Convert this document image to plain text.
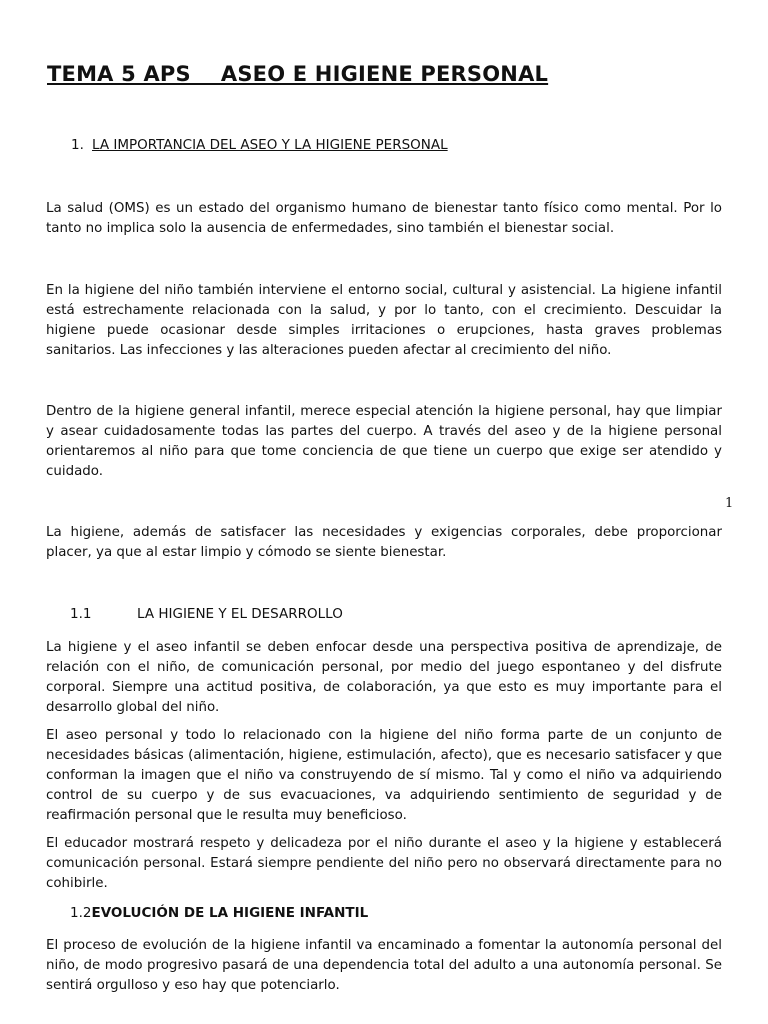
TEMA 5 APS    ASEO E HIGIENE PERSONAL
1. LA IMPORTANCIA DEL ASEO Y LA HIGIENE PERSONAL

La salud (OMS) es un estado del organismo humano de bienestar tanto físico como mental. Por lo tanto no implica solo la ausencia de enfermedades, sino también el bienestar social.

En la higiene del niño también interviene el entorno social, cultural y asistencial. La higiene infantil está estrechamente relacionada con la salud, y por lo tanto, con el crecimiento. Descuidar la higiene puede ocasionar desde simples irritaciones o erupciones, hasta graves problemas sanitarios. Las infecciones y las alteraciones pueden afectar al crecimiento del niño.

Dentro de la higiene general infantil, merece especial atención la higiene personal, hay que limpiar y asear cuidadosamente todas las partes del cuerpo. A través del aseo y de la higiene personal orientaremos al niño para que tome conciencia de que tiene un cuerpo que exige ser atendido y cuidado.

1

La higiene, además de satisfacer las necesidades y exigencias corporales, debe proporcionar placer, ya que al estar limpio y cómodo se siente bienestar.

1.1	LA HIGIENE Y EL DESARROLLO

La higiene y el aseo infantil se deben enfocar desde una perspectiva positiva de aprendizaje, de relación con el niño, de comunicación personal, por medio del juego espontaneo y del disfrute corporal. Siempre una actitud positiva, de colaboración, ya que esto es muy importante para el desarrollo global del niño.

El aseo personal y todo lo relacionado con la higiene del niño forma parte de un conjunto de necesidades básicas (alimentación, higiene, estimulación, afecto), que es necesario satisfacer y que conforman la imagen que el niño va construyendo de sí mismo. Tal y como el niño va adquiriendo control de su cuerpo y de sus evacuaciones, va adquiriendo sentimiento de seguridad y de reafirmación personal que le resulta muy beneficioso.

El educador mostrará respeto y delicadeza por el niño durante el aseo y la higiene y establecerá comunicación personal. Estará siempre pendiente del niño pero no observará directamente para no cohibirle.

1.2EVOLUCIÓN DE LA HIGIENE INFANTIL

El proceso de evolución de la higiene infantil va encaminado a fomentar la autonomía personal del niño, de modo progresivo pasará de una dependencia total del adulto a una autonomía personal. Se sentirá orgulloso y eso hay que potenciarlo.
